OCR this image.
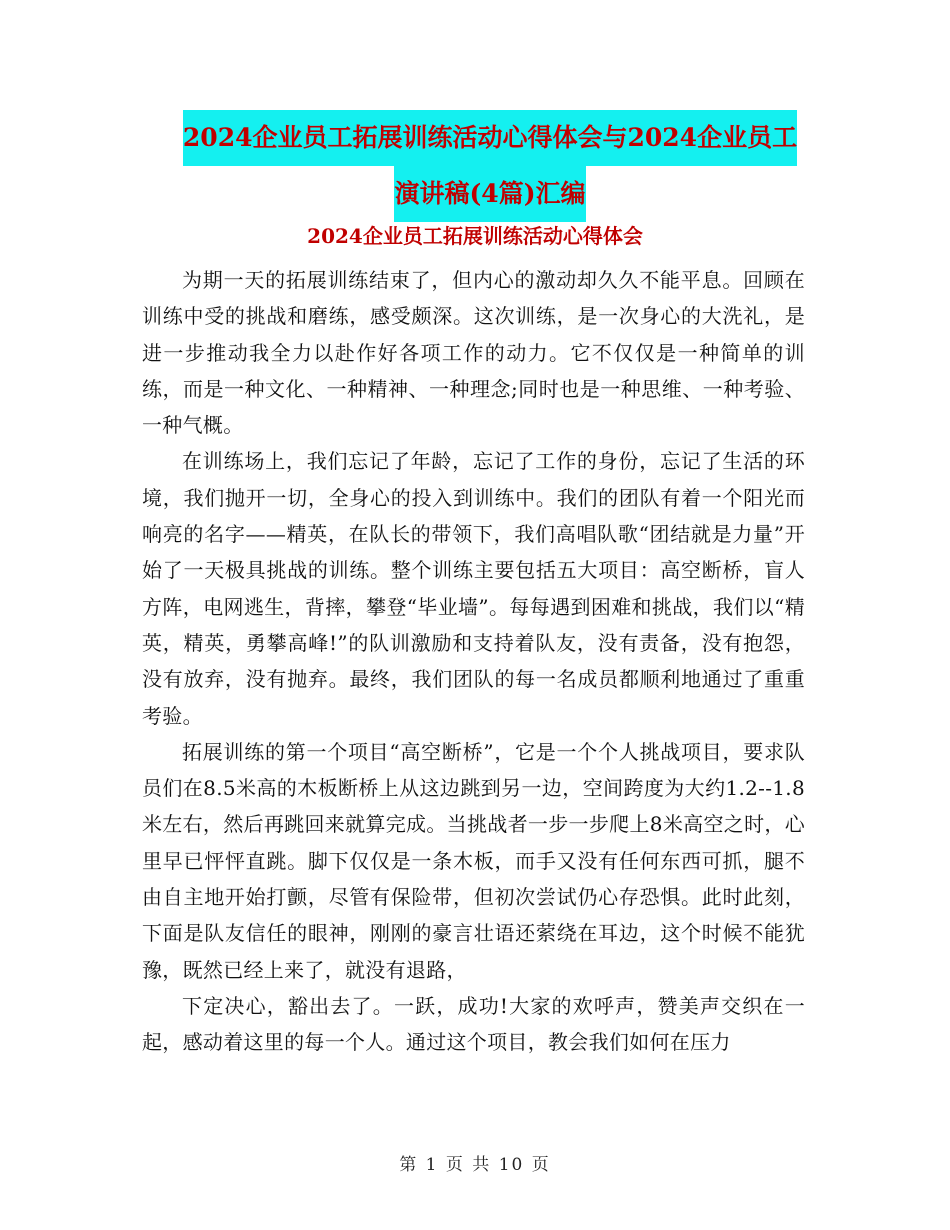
2024企业员工拓展训练活动心得体会与2024企业员工
演讲稿(4篇)汇编
2024企业员工拓展训练活动心得体会

为期一天的拓展训练结束了，但内心的激动却久久不能平息。回顾在训练中受的挑战和磨练，感受颇深。这次训练，是一次身心的大洗礼，是进一步推动我全力以赴作好各项工作的动力。它不仅仅是一种简单的训练，而是一种文化、一种精神、一种理念;同时也是一种思维、一种考验、一种气概。

在训练场上，我们忘记了年龄，忘记了工作的身份，忘记了生活的环境，我们抛开一切，全身心的投入到训练中。我们的团队有着一个阳光而响亮的名字——精英，在队长的带领下，我们高唱队歌“团结就是力量”开始了一天极具挑战的训练。整个训练主要包括五大项目：高空断桥，盲人方阵，电网逃生，背摔，攀登“毕业墙”。每每遇到困难和挑战，我们以“精英，精英，勇攀高峰!”的队训激励和支持着队友，没有责备，没有抱怨，没有放弃，没有抛弃。最终，我们团队的每一名成员都顺利地通过了重重考验。

拓展训练的第一个项目“高空断桥”，它是一个个人挑战项目，要求队员们在8.5米高的木板断桥上从这边跳到另一边，空间跨度为大约1.2--1.8米左右，然后再跳回来就算完成。当挑战者一步一步爬上8米高空之时，心里早已怦怦直跳。脚下仅仅是一条木板，而手又没有任何东西可抓，腿不由自主地开始打颤，尽管有保险带，但初次尝试仍心存恐惧。此时此刻，下面是队友信任的眼神，刚刚的豪言壮语还萦绕在耳边，这个时候不能犹豫，既然已经上来了，就没有退路，

下定决心，豁出去了。一跃，成功!大家的欢呼声，赞美声交织在一起，感动着这里的每一个人。通过这个项目，教会我们如何在压力

第 1 页 共 10 页
